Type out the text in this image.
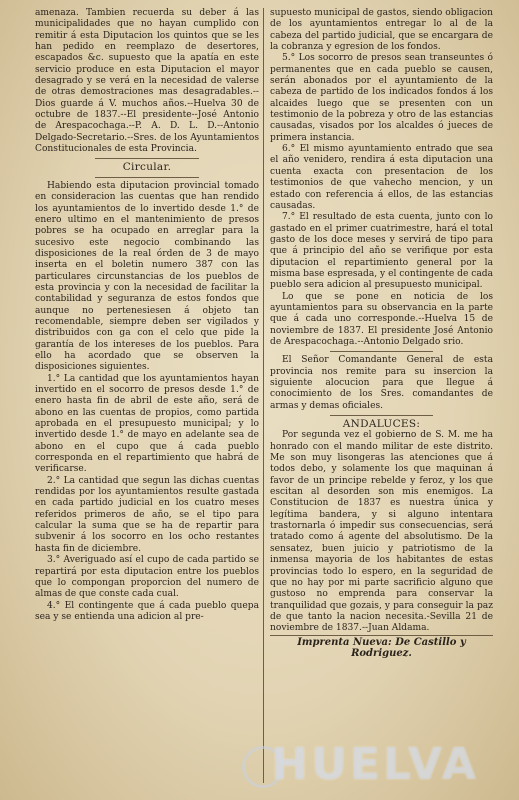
amenaza. Tambien recuerda su deber á las municipalidades que no hayan cumplido con remitir á esta Diputacion los quintos que se les han pedido en reemplazo de desertores, escapados &c. supuesto que la apatía en este servicio produce en esta Diputacion el mayor desagrado y se verá en la necesidad de valerse de otras demostraciones mas desagradables.--Dios guarde á V. muchos años.--Huelva 30 de octubre de 1837.--El presidente--José Antonio de Arespacochaga.--P. A. D. L. D.--Antonio Delgado-Secretario.--Sres. de los Ayuntamientos Constitucionales de esta Provincia.

Circular.

Habiendo esta diputacion provincial tomado en consideracion las cuentas que han rendido los ayuntamientos de lo invertido desde 1.° de enero ultimo en el mantenimiento de presos pobres se ha ocupado en arreglar para la sucesivo este negocio combinando las disposiciones de la real órden de 3 de mayo inserta en el boletin numero 387 con las particulares circunstancias de los pueblos de esta provincia y con la necesidad de facilitar la contabilidad y seguranza de estos fondos que aunque no pertenesiesen á objeto tan recomendable, siempre deben ser vigilados y distribuidos con ga con el celo que pide la garantía de los intereses de los pueblos. Para ello ha acordado que se observen la disposiciones siguientes.

1.° La cantidad que los ayuntamientos hayan invertido en el socorro de presos desde 1.° de enero hasta fin de abril de este año, será de abono en las cuentas de propios, como partida aprobada en el presupuesto municipal; y lo invertido desde 1.° de mayo en adelante sea de abono en el cupo que á cada pueblo corresponda en el repartimiento que habrá de verificarse.

2.° La cantidad que segun las dichas cuentas rendidas por los ayuntamientos resulte gastada en cada partido judicial en los cuatro meses referidos primeros de año, se el tipo para calcular la suma que se ha de repartir para subvenir á los socorro en los ocho restantes hasta fin de diciembre.

3.° Averiguado así el cupo de cada partido se repartirá por esta diputacion entre los pueblos que lo compongan proporcion del numero de almas de que conste cada cual.

4.° El contingente que á cada pueblo quepa sea y se entienda una adicion al pre-

supuesto municipal de gastos, siendo obligacion de los ayuntamientos entregar lo al de la cabeza del partido judicial, que se encargara de la cobranza y egresion de los fondos.

5.° Los socorro de presos sean transeuntes ó permanentes que en cada pueblo se causen, serán abonados por el ayuntamiento de la cabeza de partido de los indicados fondos á los alcaides luego que se presenten con un testimonio de la pobreza y otro de las estancias causadas, visados por los alcaldes ó jueces de primera instancia.

6.° El mismo ayuntamiento entrado que sea el año venidero, rendira á esta diputacion una cuenta exacta con presentacion de los testimonios de que vahecho mencion, y un estado con referencia á ellos, de las estancias causadas.

7.° El resultado de esta cuenta, junto con lo gastado en el primer cuatrimestre, hará el total gasto de los doce meses y servirá de tipo para que á principio del año se verifique por esta diputacion el repartimiento general por la misma base espresada, y el contingente de cada pueblo sera adicion al presupuesto municipal.

Lo que se pone en noticia de los ayuntamientos para su observancia en la parte que á cada uno corresponde.--Huelva 15 de noviembre de 1837. El presidente José Antonio de Arespacochaga.--Antonio Delgado srio.

El Señor Comandante General de esta provincia nos remite para su insercion la siguiente alocucion para que llegue á conocimiento de los Sres. comandantes de armas y demas oficiales.

ANDALUCES:

Por segunda vez el gobierno de S. M. me ha honrado con el mando militar de este distrito. Me son muy lisongeras las atenciones que á todos debo, y solamente los que maquinan á favor de un principe rebelde y feroz, y los que escitan al desorden son mis enemigos. La Constitucion de 1837 es nuestra única y legítima bandera, y si alguno intentara trastornarla ó impedir sus consecuencias, será tratado como á agente del absolutismo. De la sensatez, buen juicio y patriotismo de la inmensa mayoria de los habitantes de estas provincias todo lo espero, en la seguridad de que no hay por mi parte sacrificio alguno que gustoso no emprenda para conservar la tranquilidad que gozais, y para conseguir la paz de que tanto la nacion necesita.-Sevilla 21 de noviembre de 1837.--Juan Aldama.

Imprenta Nueva: De Castillo y Rodriguez.

HUELVA
